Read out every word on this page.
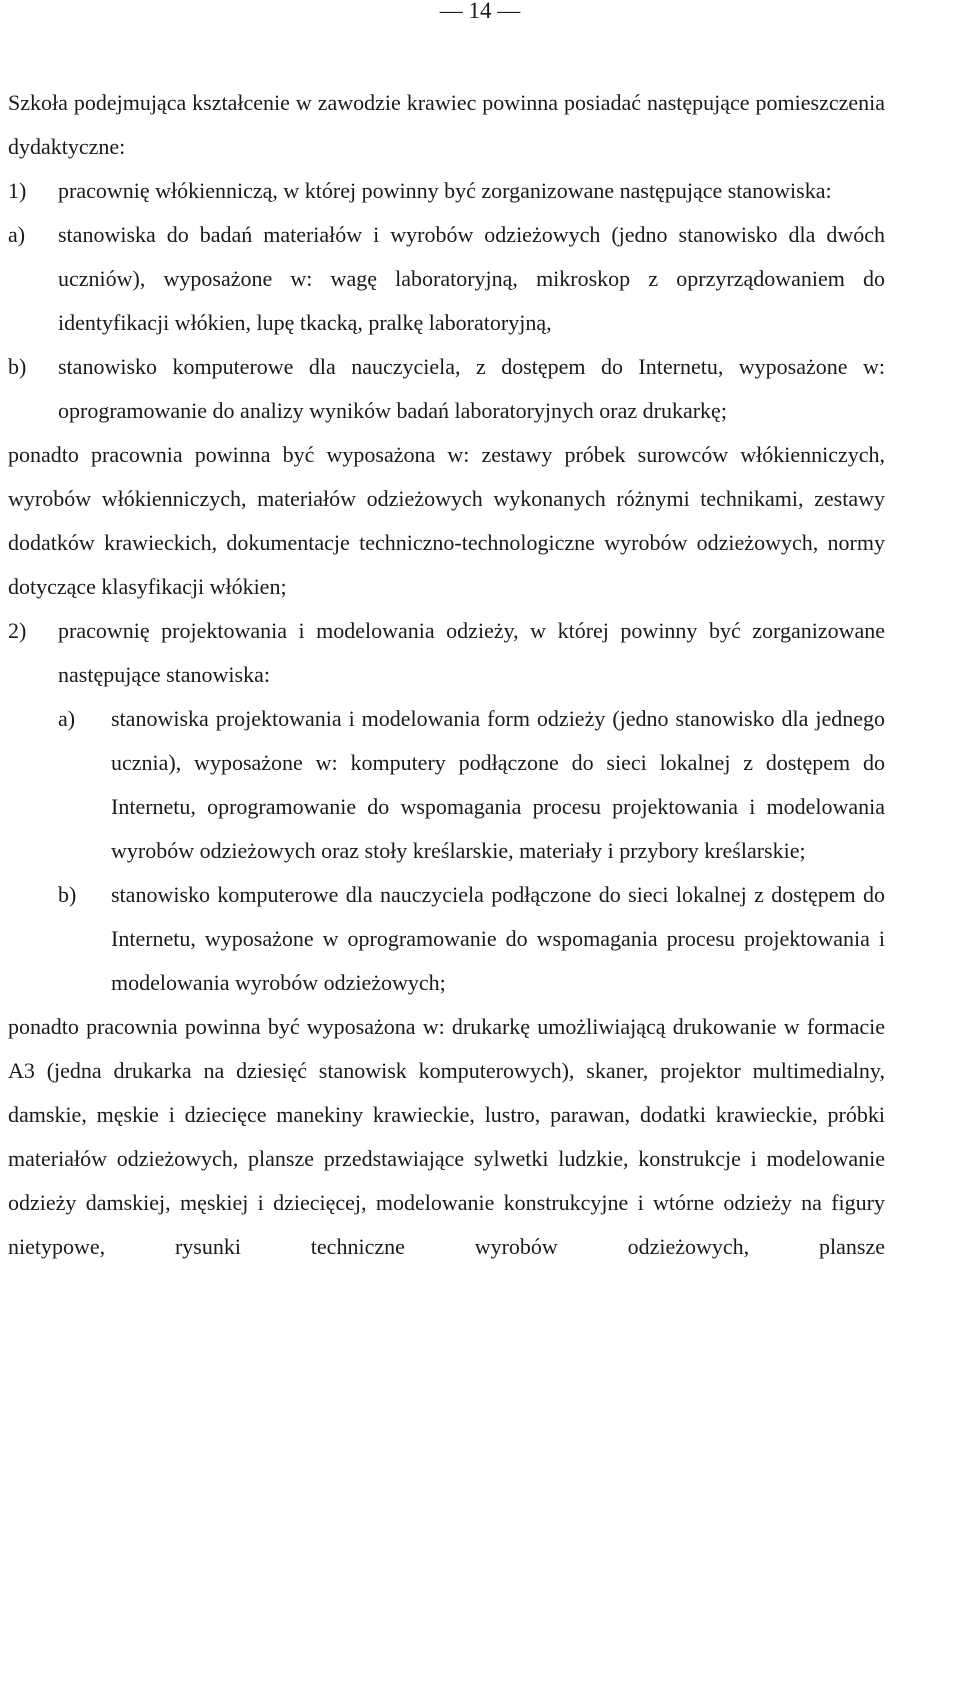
— 14 —

Szkoła podejmująca kształcenie w zawodzie krawiec powinna posiadać następujące pomieszczenia dydaktyczne:

1)	pracownię włókienniczą, w której powinny być zorganizowane następujące stanowiska:
a)	stanowiska do badań materiałów i wyrobów odzieżowych (jedno stanowisko dla dwóch uczniów), wyposażone w: wagę laboratoryjną, mikroskop z oprzyrządowaniem do identyfikacji włókien, lupę tkacką, pralkę laboratoryjną,
b)	stanowisko komputerowe dla nauczyciela, z dostępem do Internetu, wyposażone w: oprogramowanie do analizy wyników badań laboratoryjnych oraz drukarkę;

ponadto pracownia powinna być wyposażona w: zestawy próbek surowców włókienniczych, wyrobów włókienniczych, materiałów odzieżowych wykonanych różnymi technikami, zestawy dodatków krawieckich, dokumentacje techniczno-technologiczne wyrobów odzieżowych, normy dotyczące klasyfikacji włókien;

2)	pracownię projektowania i modelowania odzieży, w której powinny być zorganizowane następujące stanowiska:
a)	stanowiska projektowania i modelowania form odzieży (jedno stanowisko dla jednego ucznia), wyposażone w: komputery podłączone do sieci lokalnej z dostępem do Internetu, oprogramowanie do wspomagania procesu projektowania i modelowania wyrobów odzieżowych oraz stoły kreślarskie, materiały i przybory kreślarskie;
b)	stanowisko komputerowe dla nauczyciela podłączone do sieci lokalnej z dostępem do Internetu, wyposażone w oprogramowanie do wspomagania procesu projektowania i modelowania wyrobów odzieżowych;

ponadto pracownia powinna być wyposażona w: drukarkę umożliwiającą drukowanie w formacie A3 (jedna drukarka na dziesięć stanowisk komputerowych), skaner, projektor multimedialny, damskie, męskie i dziecięce manekiny krawieckie, lustro, parawan, dodatki krawieckie, próbki materiałów odzieżowych, plansze przedstawiające sylwetki ludzkie, konstrukcje i modelowanie odzieży damskiej, męskiej i dziecięcej, modelowanie konstrukcyjne i wtórne odzieży na figury nietypowe, rysunki techniczne wyrobów odzieżowych, plansze
